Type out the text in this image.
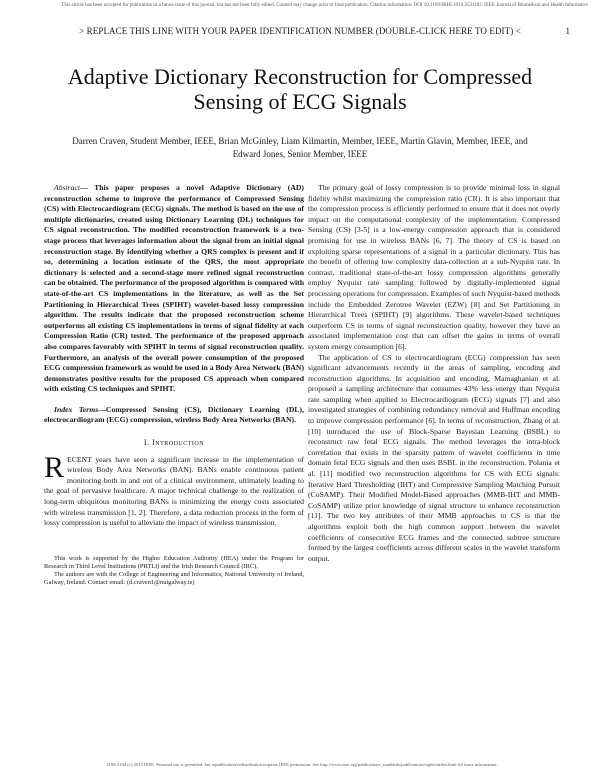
This article has been accepted for publication in a future issue of this journal, but has not been fully edited. Content may change prior to final publication. Citation information: DOI 10.1109/JBHI.2016.2531182, IEEE Journal of Biomedical and Health Informatics
> REPLACE THIS LINE WITH YOUR PAPER IDENTIFICATION NUMBER (DOUBLE-CLICK HERE TO EDIT) <	1
Adaptive Dictionary Reconstruction for Compressed Sensing of ECG Signals
Darren Craven, Student Member, IEEE, Brian McGinley, Liam Kilmartin, Member, IEEE, Martin Glavin, Member, IEEE, and Edward Jones, Senior Member, IEEE

Abstract— This paper proposes a novel Adaptive Dictionary (AD) reconstruction scheme to improve the performance of Compressed Sensing (CS) with Electrocardiogram (ECG) signals. The method is based on the use of multiple dictionaries, created using Dictionary Learning (DL) techniques for CS signal reconstruction. The modified reconstruction framework is a two-stage process that leverages information about the signal from an initial signal reconstruction stage. By identifying whether a QRS complex is present and if so, determining a location estimate of the QRS, the most appropriate dictionary is selected and a second-stage more refined signal reconstruction can be obtained. The performance of the proposed algorithm is compared with state-of-the-art CS implementations in the literature, as well as the Set Partitioning in Hierarchical Trees (SPIHT) wavelet-based lossy compression algorithm. The results indicate that the proposed reconstruction scheme outperforms all existing CS implementations in terms of signal fidelity at each Compression Ratio (CR) tested. The performance of the proposed approach also compares favorably with SPIHT in terms of signal reconstruction quality. Furthermore, an analysis of the overall power consumption of the proposed ECG compression framework as would be used in a Body Area Network (BAN) demonstrates positive results for the proposed CS approach when compared with existing CS techniques and SPIHT.

Index Terms—Compressed Sensing (CS), Dictionary Learning (DL), electrocardiogram (ECG) compression, wireless Body Area Networks (BAN).

I. Introduction

RECENT years have seen a significant increase in the implementation of wireless Body Area Networks (BAN). BANs enable continuous patient monitoring both in and out of a clinical environment, ultimately leading to the goal of pervasive healthcare. A major technical challenge to the realization of long-term ubiquitous monitoring BANs is minimizing the energy costs associated with wireless transmission [1, 2]. Therefore, a data reduction process in the form of lossy compression is useful to alleviate the impact of wireless transmission.

This work is supported by the Higher Education Authority (HEA) under the Program for Research in Third Level Institutions (PRTLI) and the Irish Research Council (IRC).

The authors are with the College of Engineering and Informatics, National University of Ireland, Galway, Ireland. Contact email: (d.craven1@nuigalway.ie)

The primary goal of lossy compression is to provide minimal loss in signal fidelity whilst maximizing the compression ratio (CR). It is also important that the compression process is efficiently performed to ensure that it does not overly impact on the computational complexity of the implementation. Compressed Sensing (CS) [3-5] is a low-energy compression approach that is considered promising for use in wireless BANs [6, 7]. The theory of CS is based on exploiting sparse representations of a signal in a particular dictionary. This has the benefit of offering low complexity data-collection at a sub-Nyquist rate. In contrast, traditional state-of-the-art lossy compression algorithms generally employ Nyquist rate sampling followed by digitally-implemented signal processing operations for compression. Examples of such Nyquist-based methods include the Embedded Zerotree Wavelet (EZW) [8] and Set Partitioning in Hierarchical Trees (SPIHT) [9] algorithms. These wavelet-based techniques outperform CS in terms of signal reconstruction quality, however they have an associated implementation cost that can offset the gains in terms of overall system energy consumption [6].

The application of CS to electrocardiogram (ECG) compression has seen significant advancements recently in the areas of sampling, encoding and reconstruction algorithms. In acquisition and encoding, Mamaghanian et al. proposed a sampling architecture that consumes 43% less energy than Nyquist rate sampling when applied to Electrocardiogram (ECG) signals [7] and also investigated strategies of combining redundancy removal and Huffman encoding to improve compression performance [6]. In terms of reconstruction, Zhang et al. [10] introduced the use of Block-Sparse Bayesian Learning (BSBL) to reconstruct raw fetal ECG signals. The method leverages the intra-block correlation that exists in the sparsity pattern of wavelet coefficients in time domain fetal ECG signals and then uses BSBL in the reconstruction. Polania et al. [11] modified two reconstruction algorithms for CS with ECG signals: Iterative Hard Thresholding (IHT) and Compressive Sampling Matching Pursuit (CoSAMP). Their Modified Model-Based approaches (MMB-IHT and MMB-CoSAMP) utilize prior knowledge of signal structure to enhance reconstruction [11]. The two key attributes of their MMB approaches to CS is that the algorithms exploit both the high common support between the wavelet coefficients of consecutive ECG frames and the connected subtree structure formed by the largest coefficients across different scales in the wavelet transform output.

2168-2194 (c) 2015 IEEE. Personal use is permitted, but republication/redistribution requires IEEE permission. See http://www.ieee.org/publications_standards/publications/rights/index.html for more information.
